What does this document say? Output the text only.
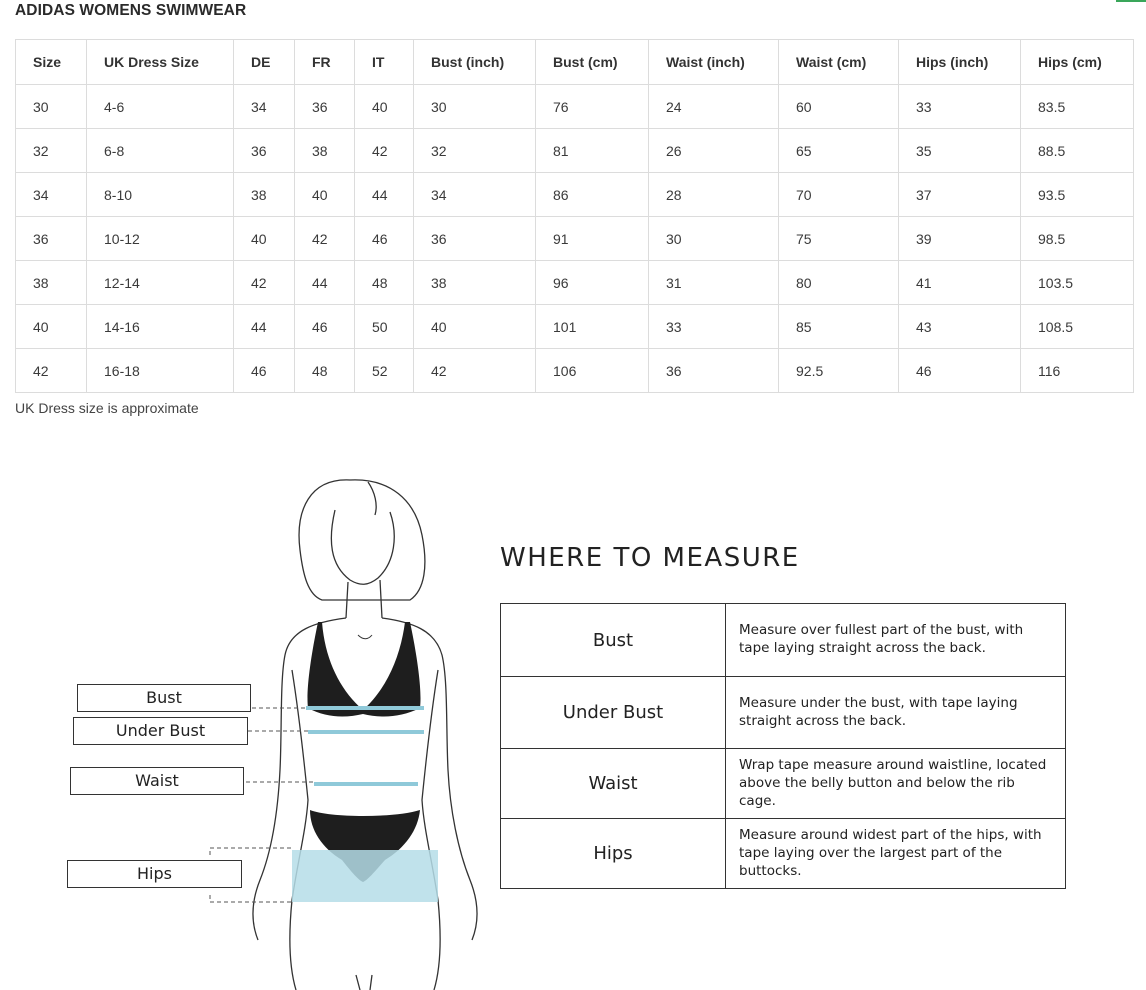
ADIDAS WOMENS SWIMWEAR
Size	UK Dress Size	DE	FR	IT	Bust (inch)	Bust (cm)	Waist (inch)	Waist (cm)	Hips (inch)	Hips (cm)
30	4-6	34	36	40	30	76	24	60	33	83.5
32	6-8	36	38	42	32	81	26	65	35	88.5
34	8-10	38	40	44	34	86	28	70	37	93.5
36	10-12	40	42	46	36	91	30	75	39	98.5
38	12-14	42	44	48	38	96	31	80	41	103.5
40	14-16	44	46	50	40	101	33	85	43	108.5
42	16-18	46	48	52	42	106	36	92.5	46	116
UK Dress size is approximate
Bust
Under Bust
Waist
Hips
WHERE TO MEASURE
Bust	Measure over fullest part of the bust, with tape laying straight across the back.
Under Bust	Measure under the bust, with tape laying straight across the back.
Waist	Wrap tape measure around waistline, located above the belly button and below the rib cage.
Hips	Measure around widest part of the hips, with tape laying over the largest part of the buttocks.
